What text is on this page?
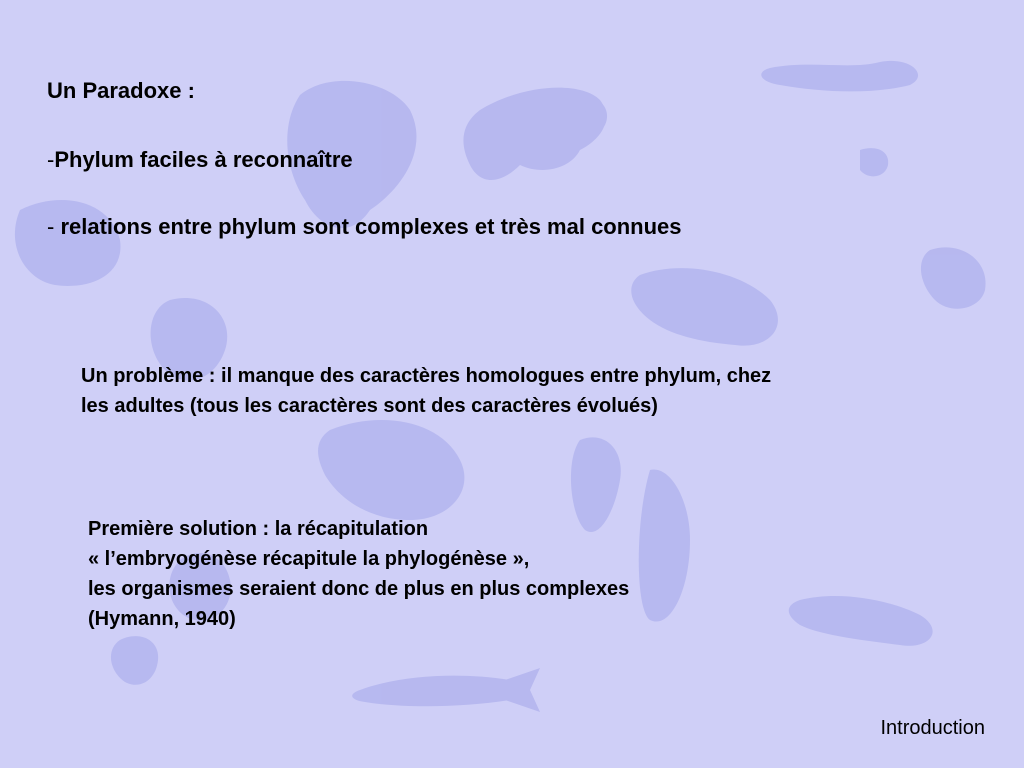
Un Paradoxe :
-Phylum faciles à reconnaître
- relations entre phylum sont complexes et très mal connues
Un problème : il manque des caractères homologues entre phylum, chez
les adultes (tous les caractères sont des caractères évolués)
Première solution : la récapitulation
« l’embryogénèse récapitule la phylogénèse »,
les organismes seraient donc de plus en plus complexes
(Hymann, 1940)
Introduction
